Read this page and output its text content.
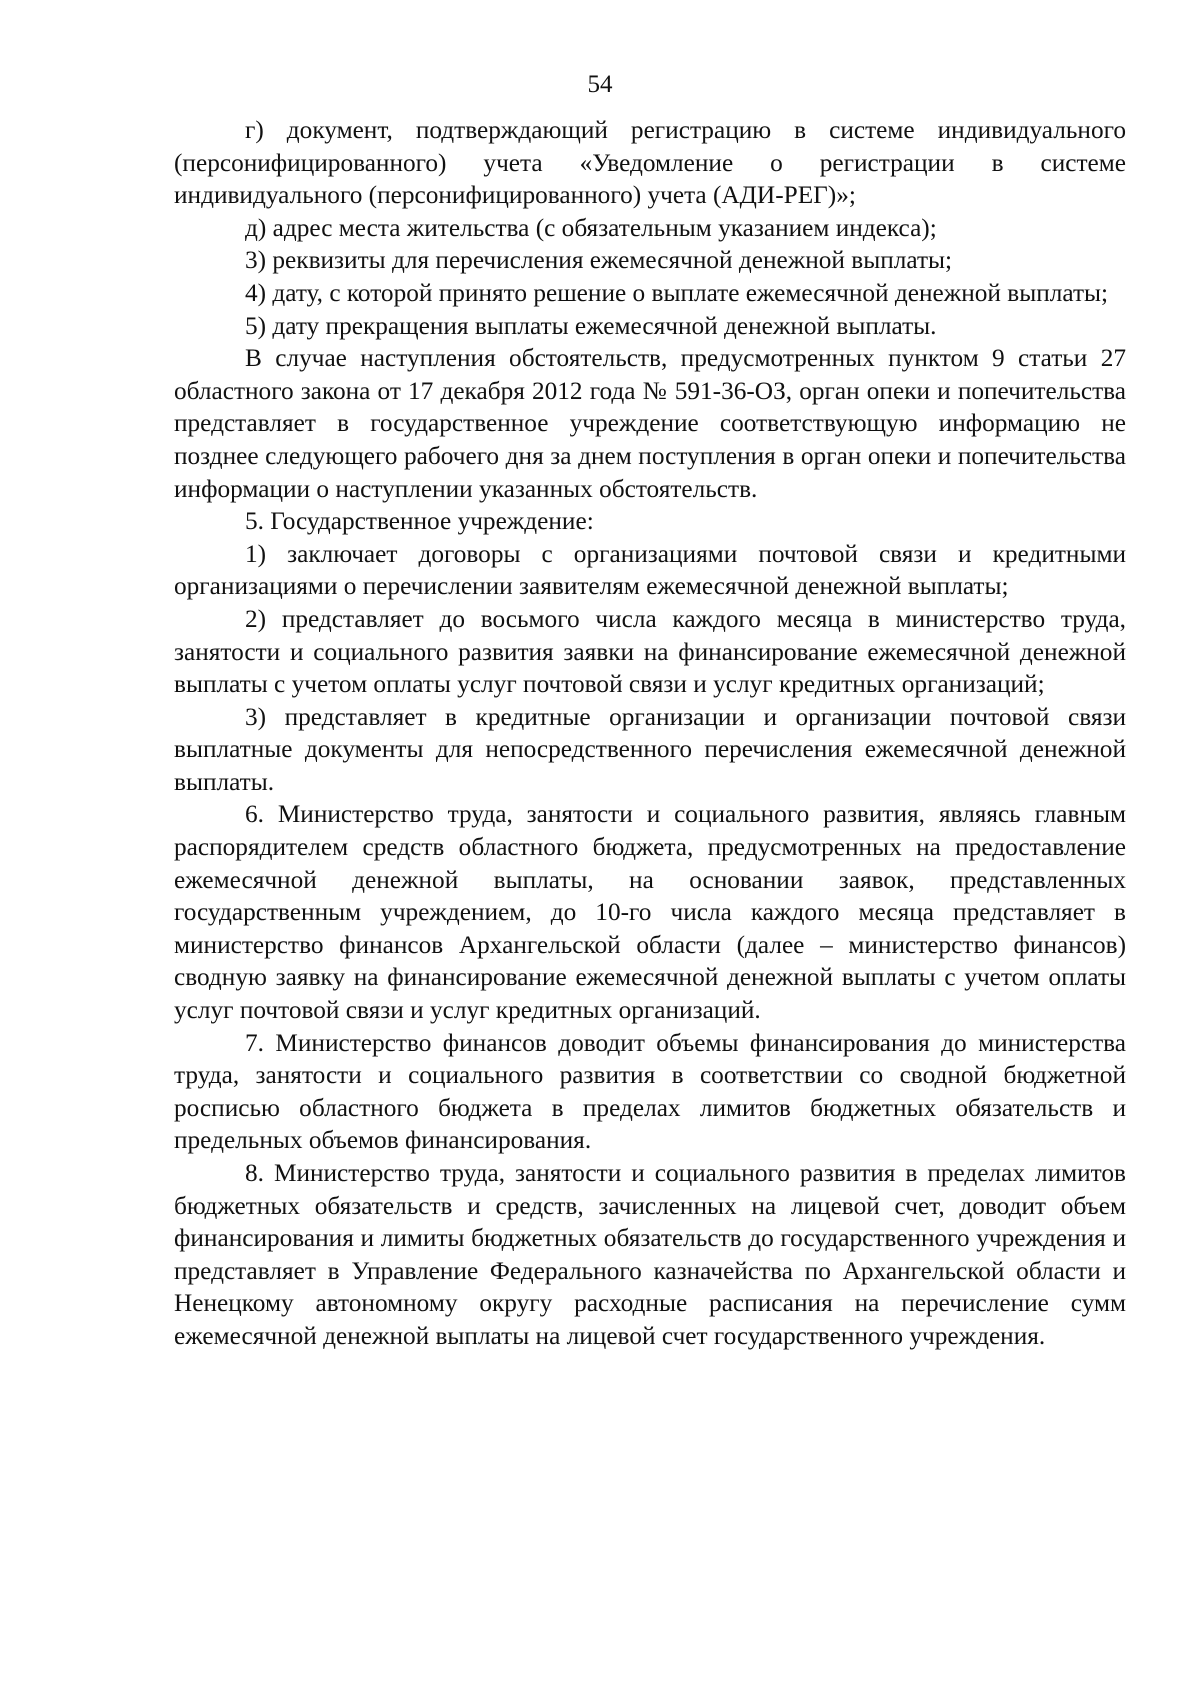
54

г) документ, подтверждающий регистрацию в системе индивидуального (персонифицированного) учета «Уведомление о регистрации в системе индивидуального (персонифицированного) учета (АДИ-РЕГ)»;

д) адрес места жительства (с обязательным указанием индекса);

3) реквизиты для перечисления ежемесячной денежной выплаты;

4) дату, с которой принято решение о выплате ежемесячной денежной выплаты;

5) дату прекращения выплаты ежемесячной денежной выплаты.

В случае наступления обстоятельств, предусмотренных пунктом 9 статьи 27 областного закона от 17 декабря 2012 года № 591-36-ОЗ, орган опеки и попечительства представляет в государственное учреждение соответствующую информацию не позднее следующего рабочего дня за днем поступления в орган опеки и попечительства информации о наступлении указанных обстоятельств.

5. Государственное учреждение:

1) заключает договоры с организациями почтовой связи и кредитными организациями о перечислении заявителям ежемесячной денежной выплаты;

2) представляет до восьмого числа каждого месяца в министерство труда, занятости и социального развития заявки на финансирование ежемесячной денежной выплаты с учетом оплаты услуг почтовой связи и услуг кредитных организаций;

3) представляет в кредитные организации и организации почтовой связи выплатные документы для непосредственного перечисления ежемесячной денежной выплаты.

6. Министерство труда, занятости и социального развития, являясь главным распорядителем средств областного бюджета, предусмотренных на предоставление ежемесячной денежной выплаты, на основании заявок, представленных государственным учреждением, до 10-го числа каждого месяца представляет в министерство финансов Архангельской области (далее – министерство финансов) сводную заявку на финансирование ежемесячной денежной выплаты с учетом оплаты услуг почтовой связи и услуг кредитных организаций.

7. Министерство финансов доводит объемы финансирования до министерства труда, занятости и социального развития в соответствии со сводной бюджетной росписью областного бюджета в пределах лимитов бюджетных обязательств и предельных объемов финансирования.

8. Министерство труда, занятости и социального развития в пределах лимитов бюджетных обязательств и средств, зачисленных на лицевой счет, доводит объем финансирования и лимиты бюджетных обязательств до государственного учреждения и представляет в Управление Федерального казначейства по Архангельской области и Ненецкому автономному округу расходные расписания на перечисление сумм ежемесячной денежной выплаты на лицевой счет государственного учреждения.
